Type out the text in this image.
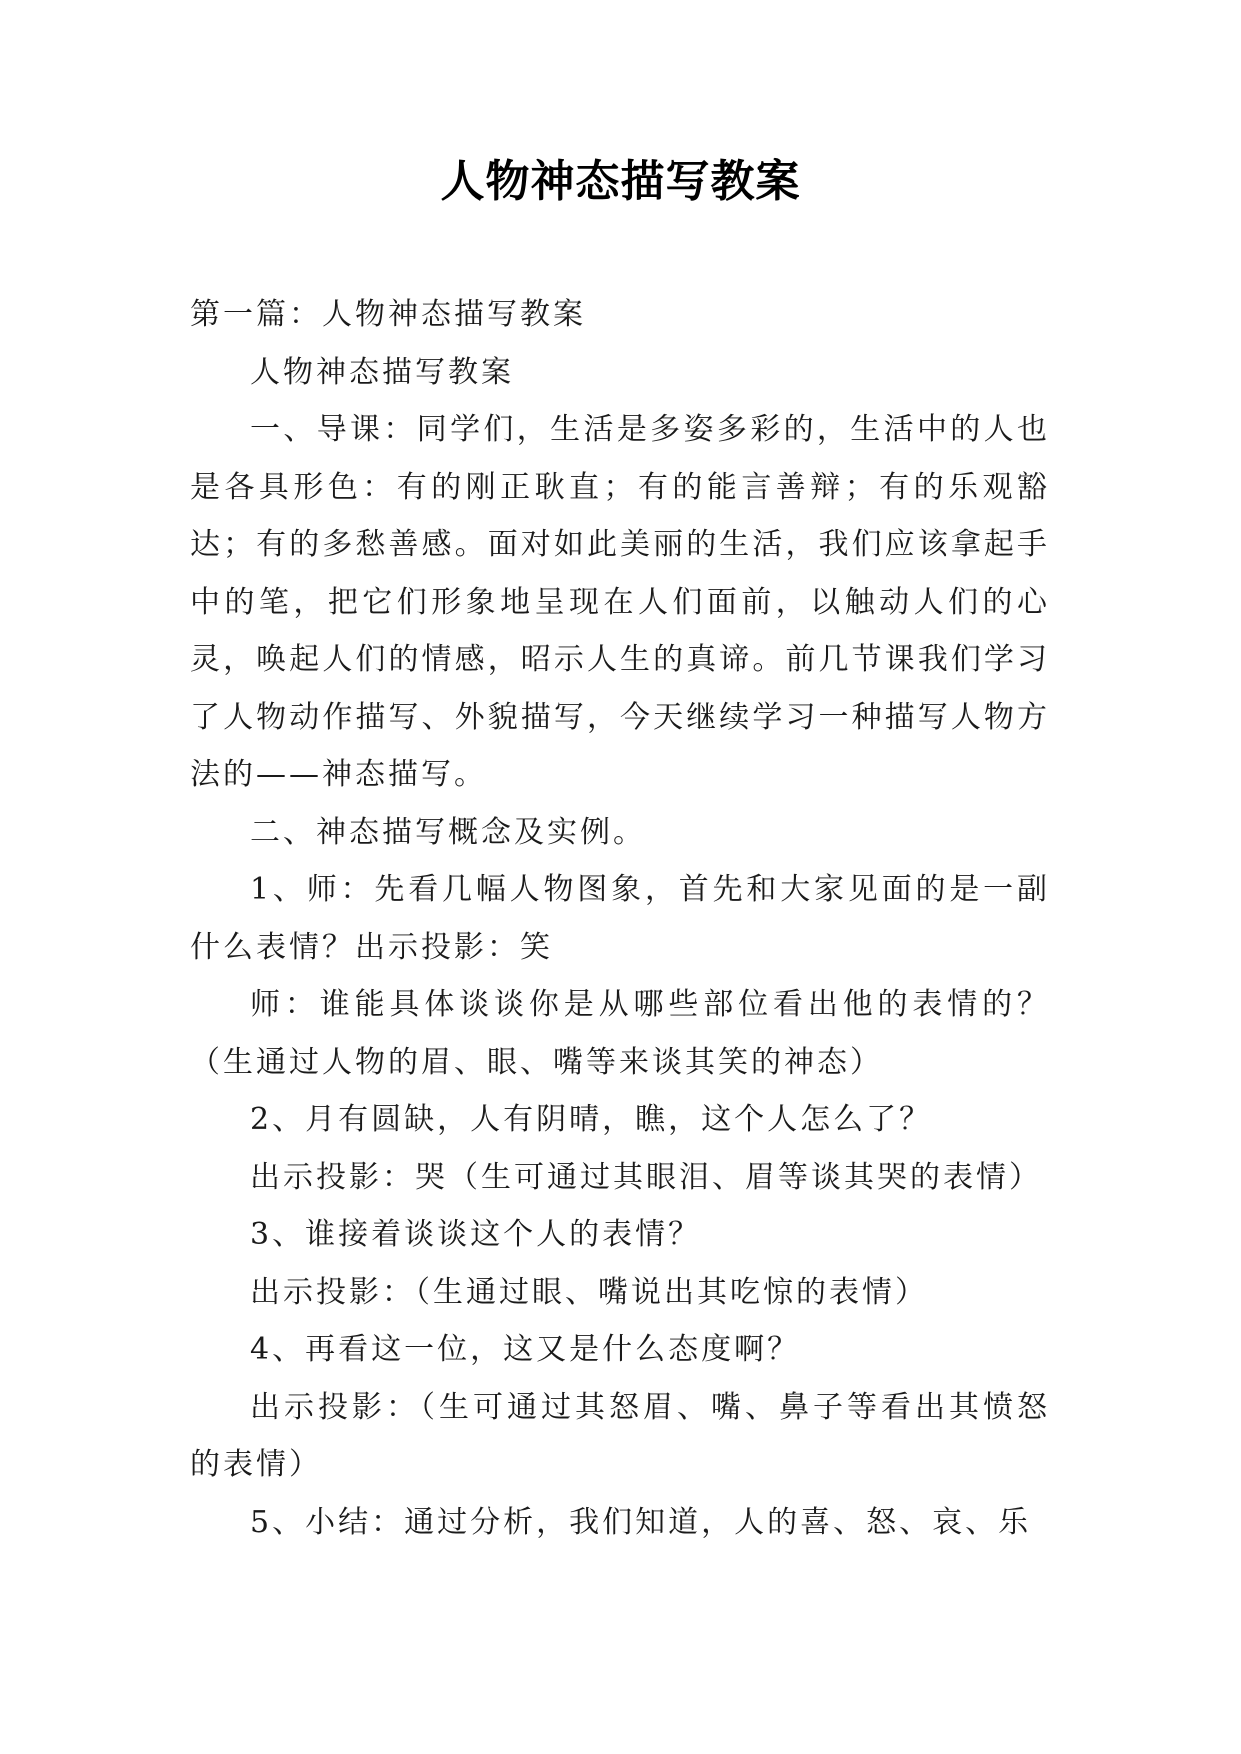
人物神态描写教案

第一篇：人物神态描写教案

人物神态描写教案

一、导课：同学们，生活是多姿多彩的，生活中的人也是各具形色：有的刚正耿直；有的能言善辩；有的乐观豁达；有的多愁善感。面对如此美丽的生活，我们应该拿起手中的笔，把它们形象地呈现在人们面前，以触动人们的心灵，唤起人们的情感，昭示人生的真谛。前几节课我们学习了人物动作描写、外貌描写，今天继续学习一种描写人物方法的——神态描写。

二、神态描写概念及实例。

1、师：先看几幅人物图象，首先和大家见面的是一副什么表情？出示投影：笑

师：谁能具体谈谈你是从哪些部位看出他的表情的？（生通过人物的眉、眼、嘴等来谈其笑的神态）

2、月有圆缺，人有阴晴，瞧，这个人怎么了？

出示投影：哭（生可通过其眼泪、眉等谈其哭的表情）

3、谁接着谈谈这个人的表情？

出示投影：（生通过眼、嘴说出其吃惊的表情）

4、再看这一位，这又是什么态度啊？

出示投影：（生可通过其怒眉、嘴、鼻子等看出其愤怒的表情）

5、小结：通过分析，我们知道，人的喜、怒、哀、乐
